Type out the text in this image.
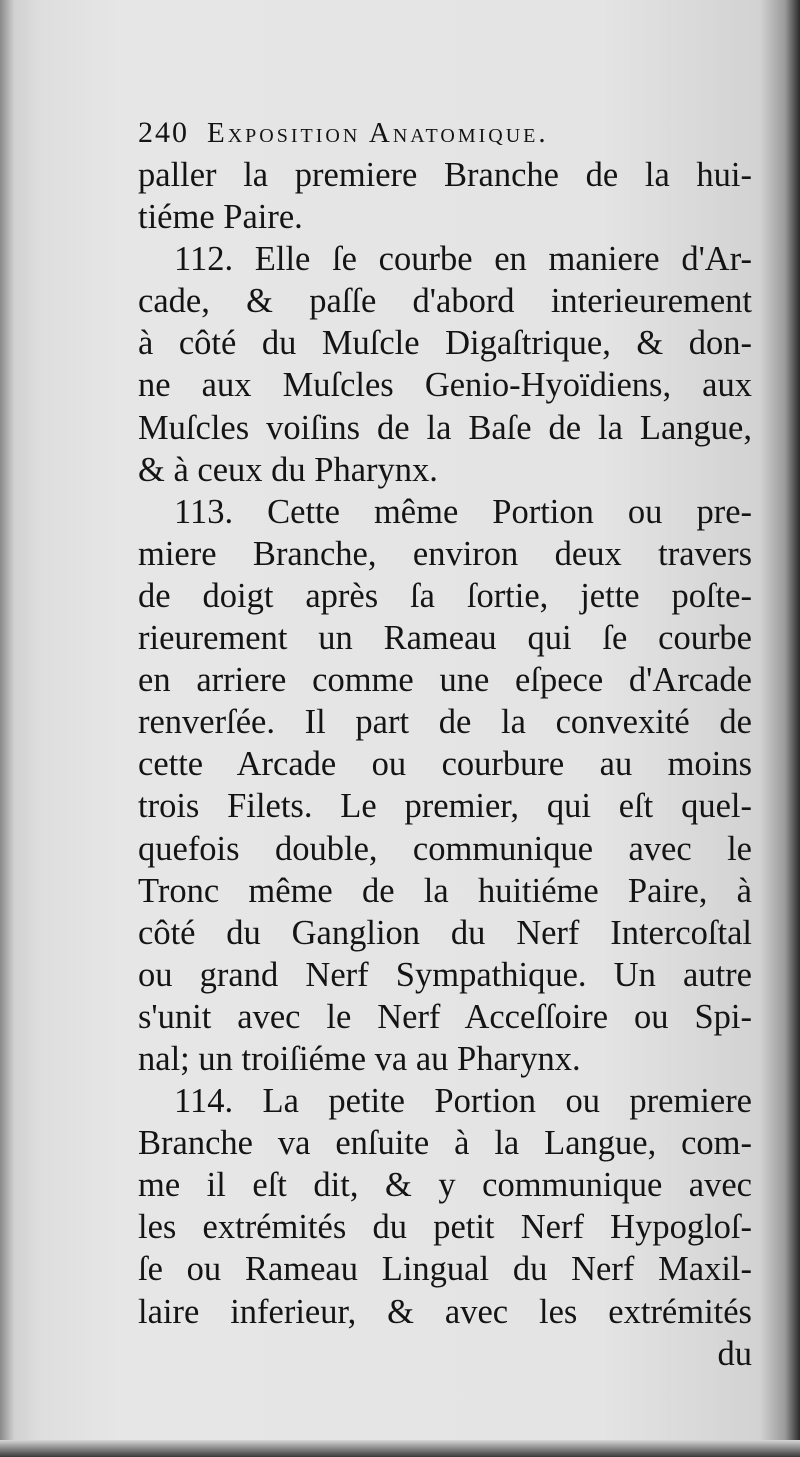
240 Exposition Anatomique.
paller la premiere Branche de la hui-
tiéme Paire.
112. Elle ſe courbe en maniere d'Ar-
cade, & paſſe d'abord interieurement
à côté du Muſcle Digaſtrique, & don-
ne aux Muſcles Genio-Hyoïdiens, aux
Muſcles voiſins de la Baſe de la Langue,
& à ceux du Pharynx.
113. Cette même Portion ou pre-
miere Branche, environ deux travers
de doigt après ſa ſortie, jette poſte-
rieurement un Rameau qui ſe courbe
en arriere comme une eſpece d'Arcade
renverſée. Il part de la convexité de
cette Arcade ou courbure au moins
trois Filets. Le premier, qui eſt quel-
quefois double, communique avec le
Tronc même de la huitiéme Paire, à
côté du Ganglion du Nerf Intercoſtal
ou grand Nerf Sympathique. Un autre
s'unit avec le Nerf Acceſſoire ou Spi-
nal; un troiſiéme va au Pharynx.
114. La petite Portion ou premiere
Branche va enſuite à la Langue, com-
me il eſt dit, & y communique avec
les extrémités du petit Nerf Hypogloſ-
ſe ou Rameau Lingual du Nerf Maxil-
laire inferieur, & avec les extrémités
du
